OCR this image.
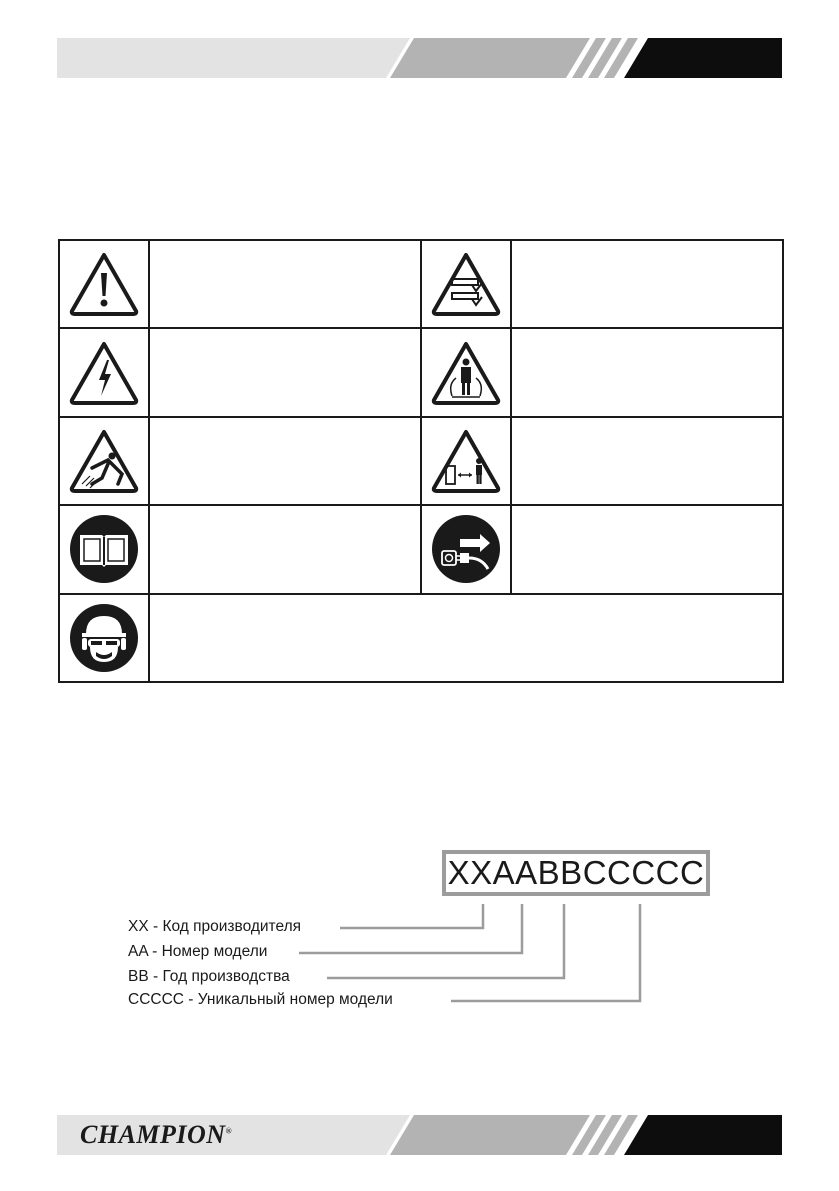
XXAABBCCCCC
XX - Код производителя
AA - Номер модели
BB - Год производства
CCCCC - Уникальный номер модели
CHAMPION®
